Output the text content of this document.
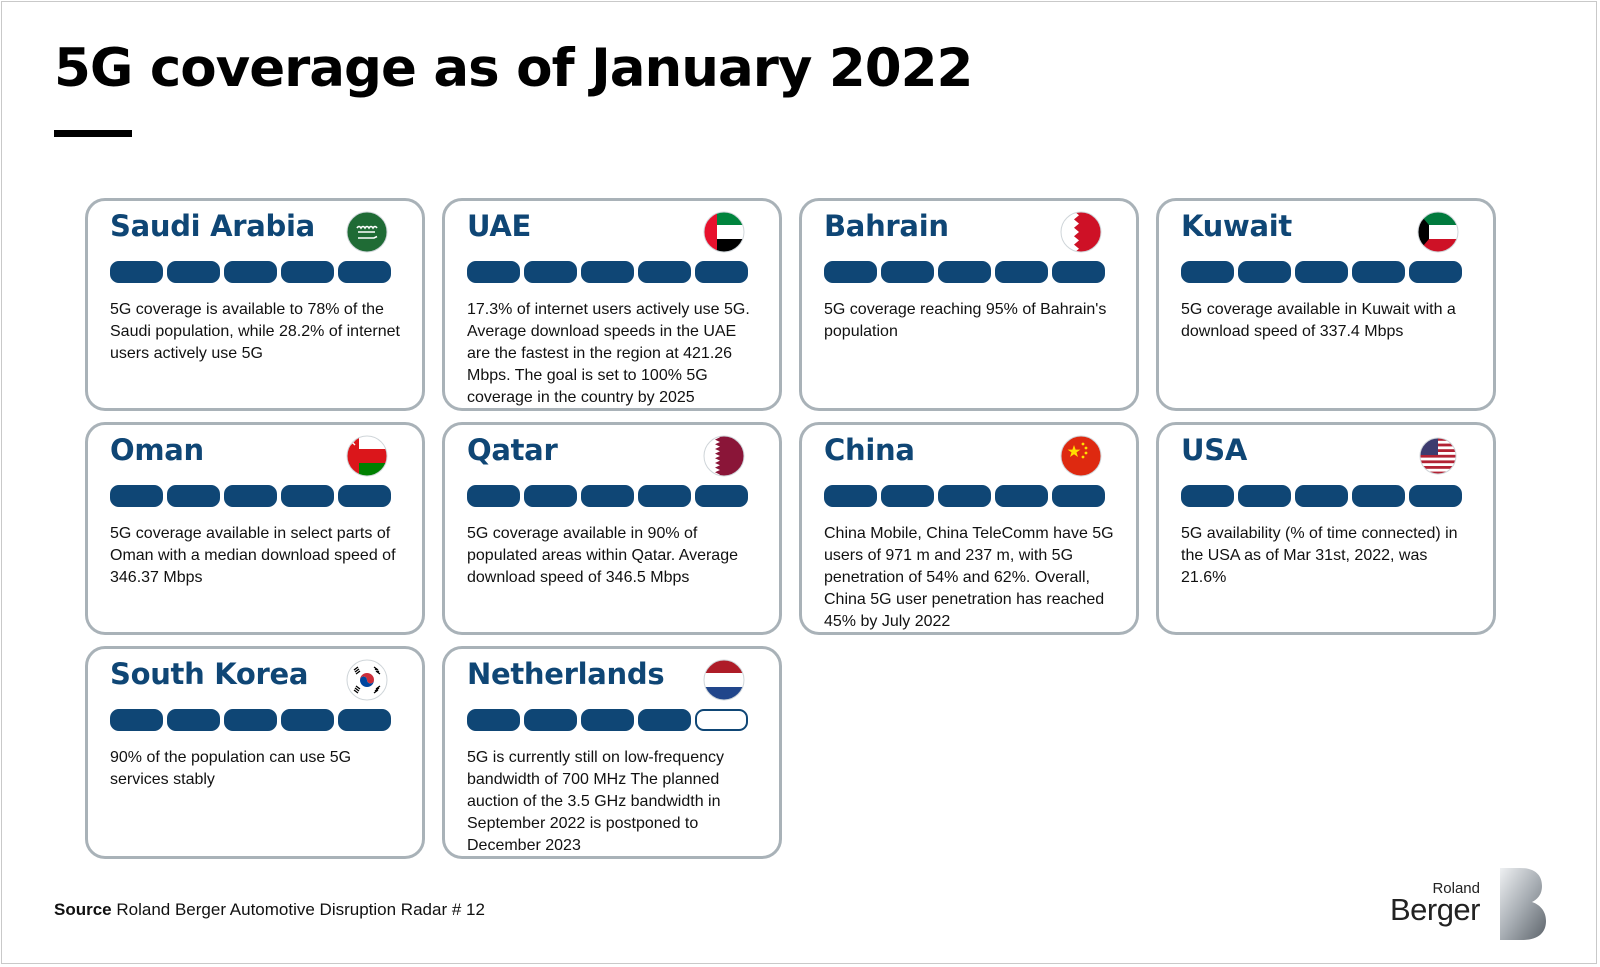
5G coverage as of January 2022
Saudi Arabia
5G coverage is available to 78% of the Saudi population, while 28.2% of internet users actively use 5G
UAE
17.3% of internet users actively use 5G. Average download speeds in the UAE are the fastest in the region at 421.26 Mbps. The goal is set to 100% 5G coverage in the country by 2025
Bahrain
5G coverage reaching 95% of Bahrain's population
Kuwait
5G coverage available in Kuwait with a download speed of 337.4 Mbps
Oman
5G coverage available in select parts of Oman with a median download speed of 346.37 Mbps
Qatar
5G coverage available in 90% of populated areas within Qatar. Average download speed of 346.5 Mbps
China
China Mobile, China TeleComm have 5G users of 971 m and 237 m, with 5G penetration of 54% and 62%. Overall, China 5G user penetration has reached 45% by July 2022
USA
5G availability (% of time connected) in the USA as of Mar 31st, 2022, was 21.6%
South Korea
90% of the population can use 5G services stably
Netherlands
5G is currently still on low-frequency bandwidth of 700 MHz The planned auction of the 3.5 GHz bandwidth in September 2022 is postponed to December 2023
Source Roland Berger Automotive Disruption Radar # 12
Roland
Berger
